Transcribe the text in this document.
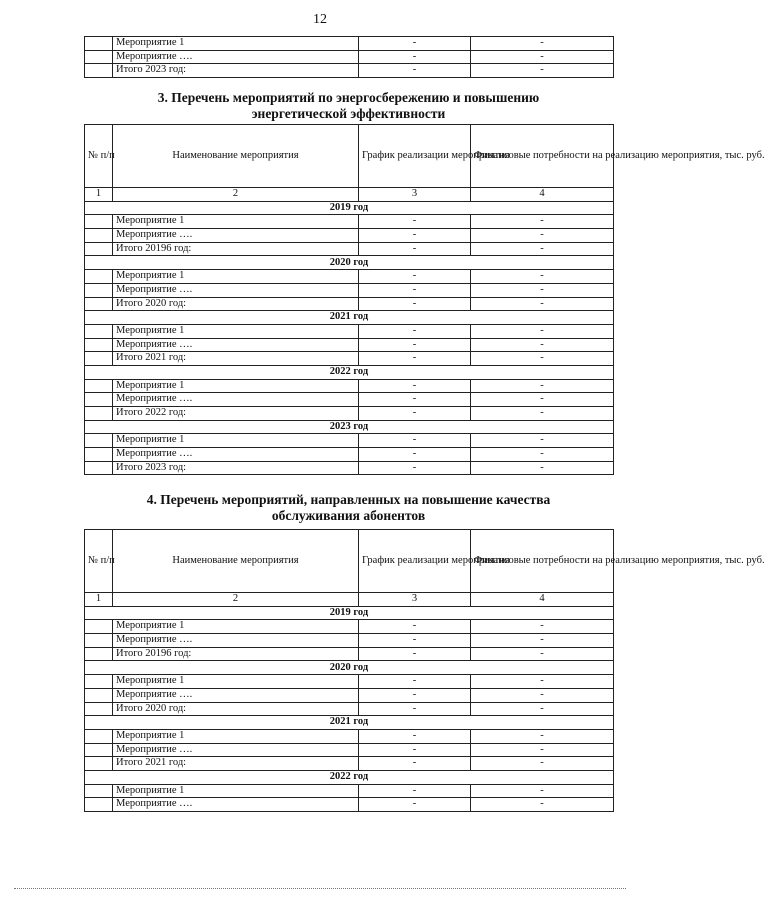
12
	Мероприятие 1	-	-
	Мероприятие ….	-	-
	Итого 2023 год:	-	-
3. Перечень мероприятий по энергосбережению и повышению
энергетической эффективности
№ п/п	Наименование мероприятия	График реализации мероприятия	Финансовые потребности на реализацию мероприятия, тыс. руб.
1	2	3	4
2019 год			
	Мероприятие 1	-	-
	Мероприятие ….	-	-
	Итого 20196 год:	-	-
2020 год			
	Мероприятие 1	-	-
	Мероприятие ….	-	-
	Итого 2020 год:	-	-
2021 год			
	Мероприятие 1	-	-
	Мероприятие ….	-	-
	Итого 2021 год:	-	-
2022 год			
	Мероприятие 1	-	-
	Мероприятие ….	-	-
	Итого 2022 год:	-	-
2023 год			
	Мероприятие 1	-	-
	Мероприятие ….	-	-
	Итого 2023 год:	-	-
4. Перечень мероприятий, направленных на повышение качества
обслуживания абонентов
№ п/п	Наименование мероприятия	График реализации мероприятия	Финансовые потребности на реализацию мероприятия, тыс. руб.
1	2	3	4
2019 год			
	Мероприятие 1	-	-
	Мероприятие ….	-	-
	Итого 20196 год:	-	-
2020 год			
	Мероприятие 1	-	-
	Мероприятие ….	-	-
	Итого 2020 год:	-	-
2021 год			
	Мероприятие 1	-	-
	Мероприятие ….	-	-
	Итого 2021 год:	-	-
2022 год			
	Мероприятие 1	-	-
	Мероприятие ….	-	-
